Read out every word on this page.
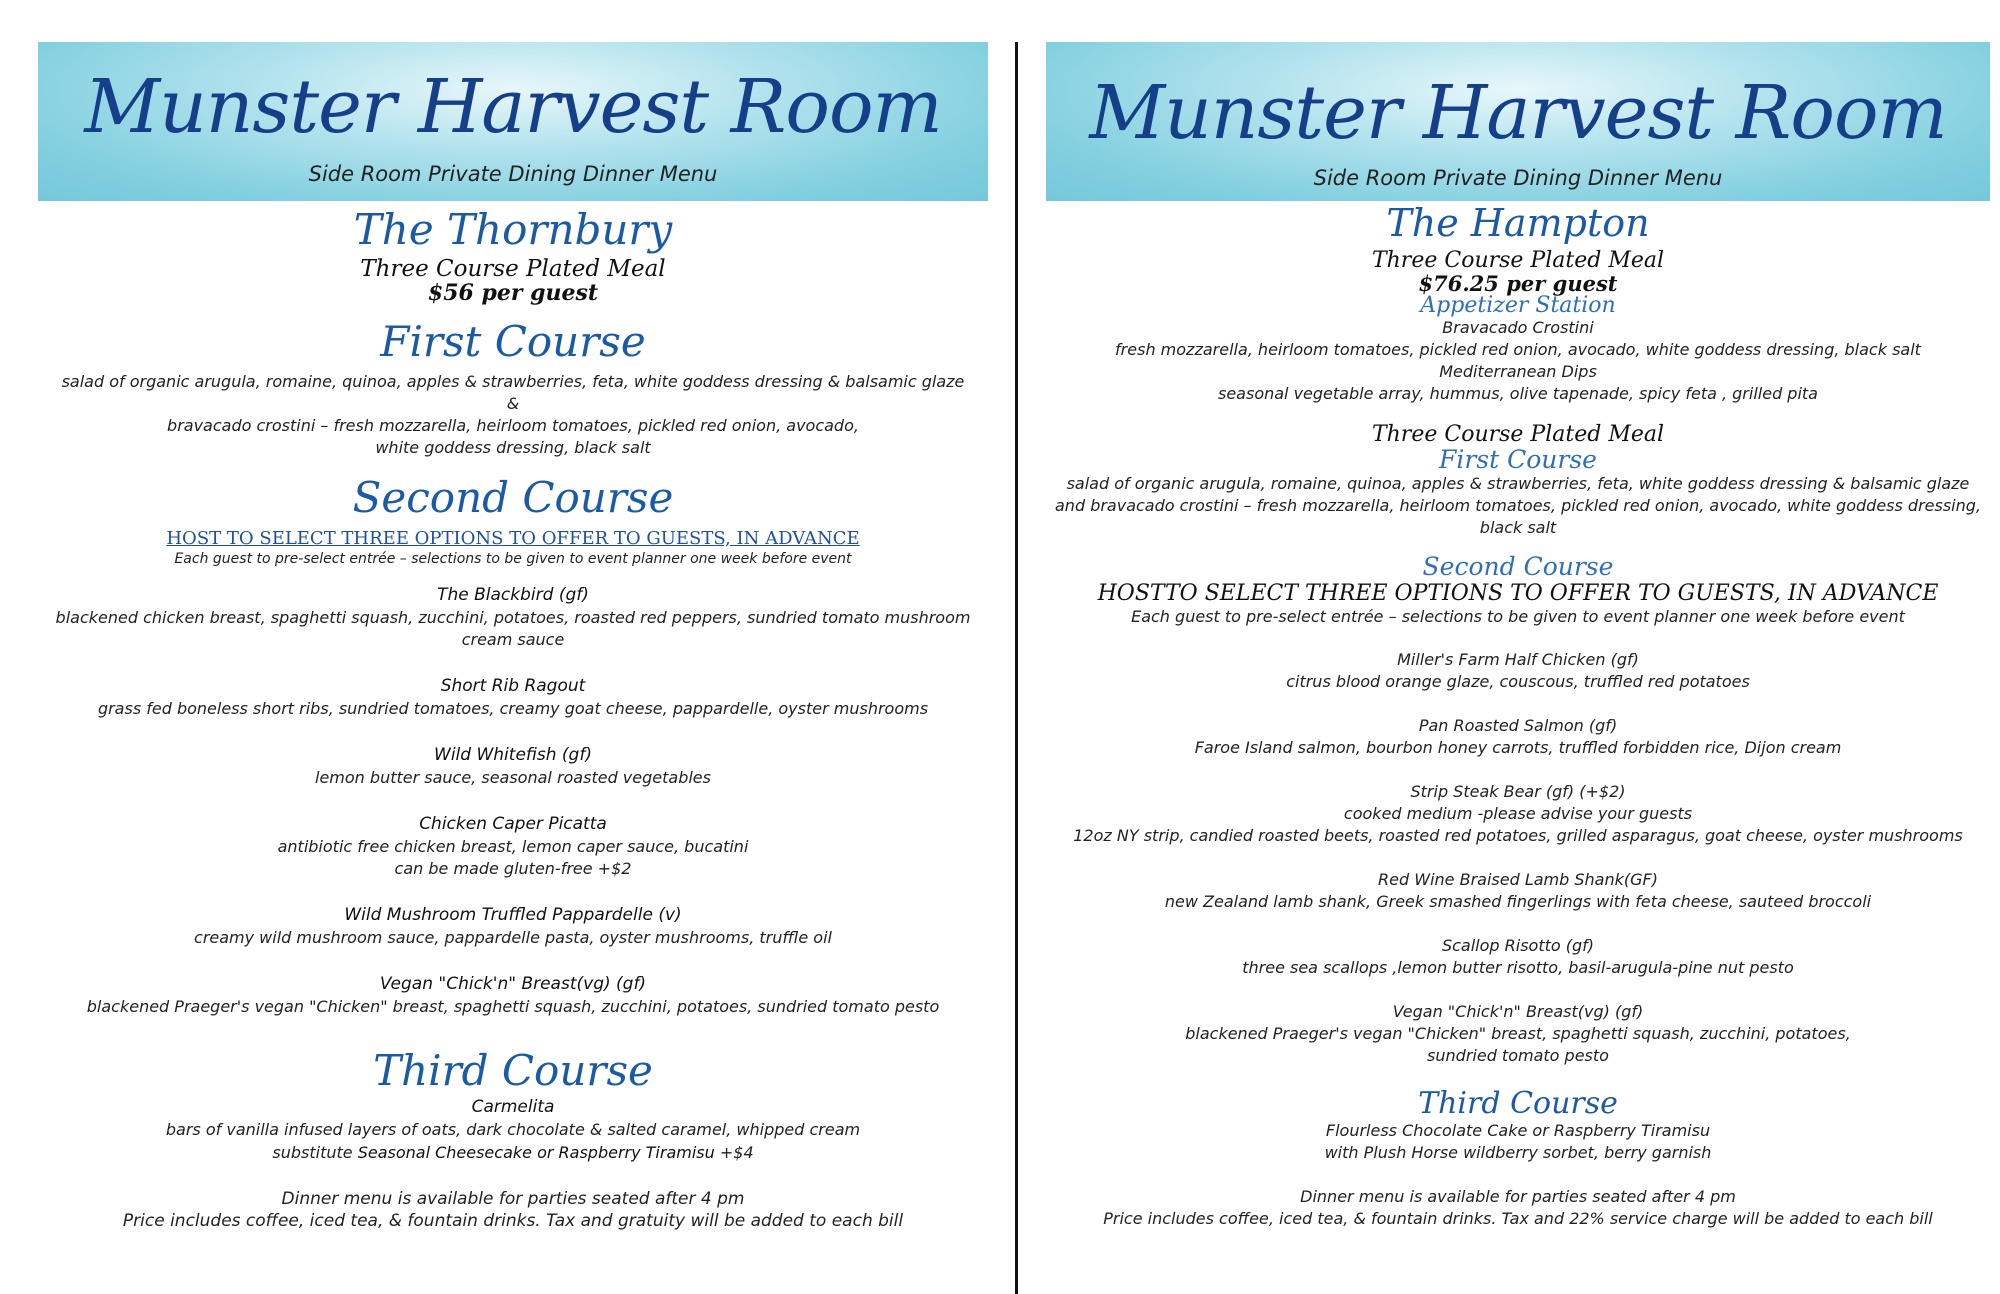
Munster Harvest Room
Side Room Private Dining Dinner Menu
The Thornbury
Three Course Plated Meal
$56 per guest
First Course
salad of organic arugula, romaine, quinoa, apples & strawberries, feta, white goddess dressing & balsamic glaze
&
bravacado crostini – fresh mozzarella, heirloom tomatoes, pickled red onion, avocado,
white goddess dressing, black salt
Second Course
HOST TO SELECT THREE OPTIONS TO OFFER TO GUESTS, IN ADVANCE
Each guest to pre-select entrée – selections to be given to event planner one week before event
The Blackbird (gf)
blackened chicken breast, spaghetti squash, zucchini, potatoes, roasted red peppers, sundried tomato mushroom cream sauce
Short Rib Ragout
grass fed boneless short ribs, sundried tomatoes, creamy goat cheese, pappardelle, oyster mushrooms
Wild Whitefish (gf)
lemon butter sauce, seasonal roasted vegetables
Chicken Caper Picatta
antibiotic free chicken breast, lemon caper sauce, bucatini
can be made gluten-free +$2
Wild Mushroom Truffled Pappardelle (v)
creamy wild mushroom sauce, pappardelle pasta, oyster mushrooms, truffle oil
Vegan "Chick'n" Breast(vg) (gf)
blackened Praeger's vegan "Chicken" breast, spaghetti squash, zucchini, potatoes, sundried tomato pesto
Third Course
Carmelita
bars of vanilla infused layers of oats, dark chocolate & salted caramel, whipped cream
substitute Seasonal Cheesecake or Raspberry Tiramisu +$4
Dinner menu is available for parties seated after 4 pm
Price includes coffee, iced tea, & fountain drinks. Tax and gratuity will be added to each bill
Munster Harvest Room
Side Room Private Dining Dinner Menu
The Hampton
Three Course Plated Meal
$76.25 per guest
Appetizer Station
Bravacado Crostini
fresh mozzarella, heirloom tomatoes, pickled red onion, avocado, white goddess dressing, black salt
Mediterranean Dips
seasonal vegetable array, hummus, olive tapenade, spicy feta , grilled pita
Three Course Plated Meal
First Course
salad of organic arugula, romaine, quinoa, apples & strawberries, feta, white goddess dressing & balsamic glaze
and bravacado crostini – fresh mozzarella, heirloom tomatoes, pickled red onion, avocado, white goddess dressing, black salt
Second Course
HOSTTO SELECT THREE OPTIONS TO OFFER TO GUESTS, IN ADVANCE
Each guest to pre-select entrée – selections to be given to event planner one week before event
Miller's Farm Half Chicken (gf)
citrus blood orange glaze, couscous, truffled red potatoes
Pan Roasted Salmon (gf)
Faroe Island salmon, bourbon honey carrots, truffled forbidden rice, Dijon cream
Strip Steak Bear (gf) (+$2)
cooked medium -please advise your guests
12oz NY strip, candied roasted beets, roasted red potatoes, grilled asparagus, goat cheese, oyster mushrooms
Red Wine Braised Lamb Shank(GF)
new Zealand lamb shank, Greek smashed fingerlings with feta cheese, sauteed broccoli
Scallop Risotto (gf)
three sea scallops ,lemon butter risotto, basil-arugula-pine nut pesto
Vegan "Chick'n" Breast(vg) (gf)
blackened Praeger's vegan "Chicken" breast, spaghetti squash, zucchini, potatoes,
sundried tomato pesto
Third Course
Flourless Chocolate Cake or Raspberry Tiramisu
with Plush Horse wildberry sorbet, berry garnish
Dinner menu is available for parties seated after 4 pm
Price includes coffee, iced tea, & fountain drinks. Tax and 22% service charge will be added to each bill
